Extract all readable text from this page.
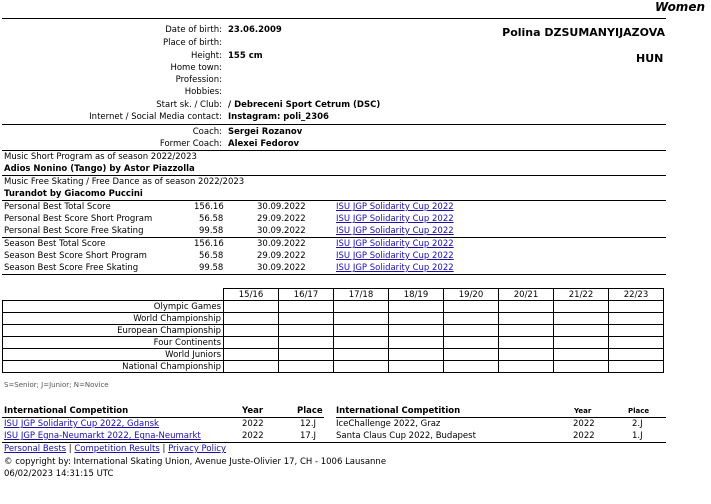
Women
Polina DZSUMANYIJAZOVA
HUN
Date of birth: 23.06.2009
Place of birth:
Height: 155 cm
Home town:
Profession:
Hobbies:
Start sk. / Club: / Debreceni Sport Cetrum (DSC)
Internet / Social Media contact: Instagram: poli_2306
Coach: Sergei Rozanov
Former Coach: Alexei Fedorov
Music Short Program as of season 2022/2023
Adios Nonino (Tango) by Astor Piazzolla
Music Free Skating / Free Dance as of season 2022/2023
Turandot by Giacomo Puccini
Personal Best Total Score	156.16	30.09.2022	ISU JGP Solidarity Cup 2022
Personal Best Score Short Program	56.58	29.09.2022	ISU JGP Solidarity Cup 2022
Personal Best Score Free Skating	99.58	30.09.2022	ISU JGP Solidarity Cup 2022
Season Best Total Score	156.16	30.09.2022	ISU JGP Solidarity Cup 2022
Season Best Score Short Program	56.58	29.09.2022	ISU JGP Solidarity Cup 2022
Season Best Score Free Skating	99.58	30.09.2022	ISU JGP Solidarity Cup 2022
	15/16	16/17	17/18	18/19	19/20	20/21	21/22	22/23
Olympic Games								
World Championship								
European Championship								
Four Continents								
World Juniors								
National Championship								
S=Senior; J=Junior; N=Novice
International Competition	Year	Place
ISU JGP Solidarity Cup 2022, Gdansk	2022	12.J
ISU JGP Egna-Neumarkt 2022, Egna-Neumarkt	2022	17.J
International Competition	Year	Place
IceChallenge 2022, Graz	2022	2.J
Santa Claus Cup 2022, Budapest	2022	1.J
Personal Bests | Competition Results | Privacy Policy
© copyright by: International Skating Union, Avenue Juste-Olivier 17, CH - 1006 Lausanne
06/02/2023 14:31:15 UTC
